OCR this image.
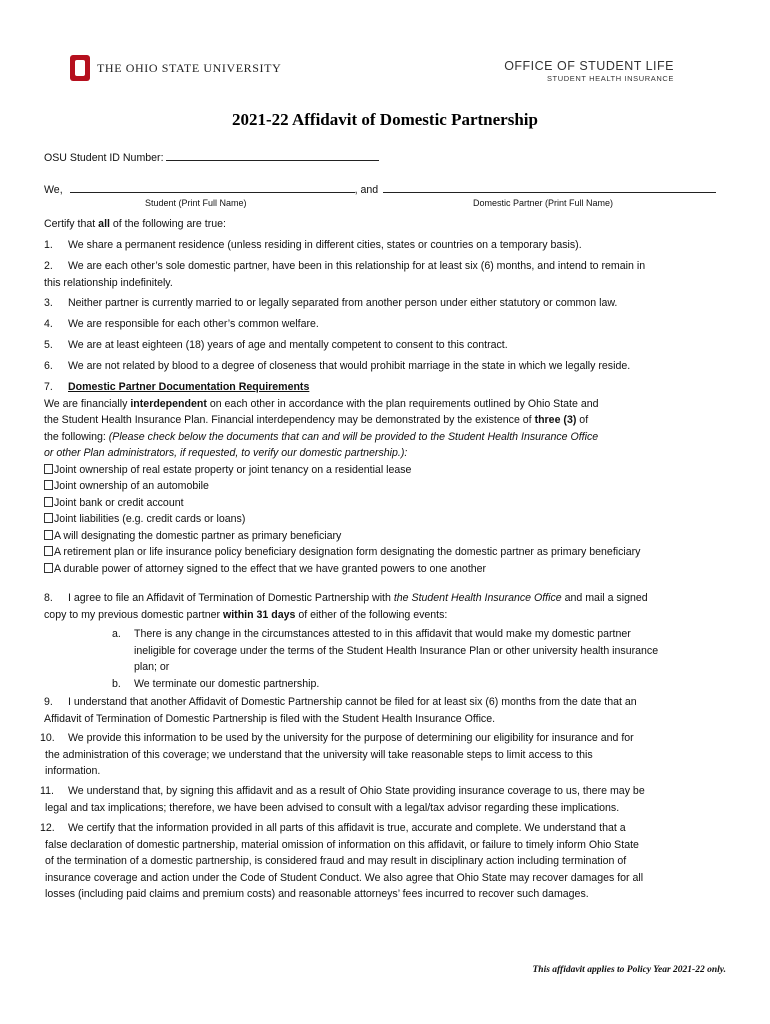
THE OHIO STATE UNIVERSITY	OFFICE OF STUDENT LIFE
STUDENT HEALTH INSURANCE
2021-22 Affidavit of Domestic Partnership
OSU Student ID Number:
We,	, and
Student (Print Full Name)	Domestic Partner (Print Full Name)
Certify that all of the following are true:
1. We share a permanent residence (unless residing in different cities, states or countries on a temporary basis).
2. We are each other’s sole domestic partner, have been in this relationship for at least six (6) months, and intend to remain in
this relationship indefinitely.
3. Neither partner is currently married to or legally separated from another person under either statutory or common law.
4. We are responsible for each other’s common welfare.
5. We are at least eighteen (18) years of age and mentally competent to consent to this contract.
6. We are not related by blood to a degree of closeness that would prohibit marriage in the state in which we legally reside.
7. Domestic Partner Documentation Requirements
We are financially interdependent on each other in accordance with the plan requirements outlined by Ohio State and
the Student Health Insurance Plan. Financial interdependency may be demonstrated by the existence of three (3) of
the following: (Please check below the documents that can and will be provided to the Student Health Insurance Office
or other Plan administrators, if requested, to verify our domestic partnership.):
Joint ownership of real estate property or joint tenancy on a residential lease
Joint ownership of an automobile
Joint bank or credit account
Joint liabilities (e.g. credit cards or loans)
A will designating the domestic partner as primary beneficiary
A retirement plan or life insurance policy beneficiary designation form designating the domestic partner as primary beneficiary
A durable power of attorney signed to the effect that we have granted powers to one another
8. I agree to file an Affidavit of Termination of Domestic Partnership with the Student Health Insurance Office and mail a signed
copy to my previous domestic partner within 31 days of either of the following events:
a. There is any change in the circumstances attested to in this affidavit that would make my domestic partner
ineligible for coverage under the terms of the Student Health Insurance Plan or other university health insurance
plan; or
b. We terminate our domestic partnership.
9. I understand that another Affidavit of Domestic Partnership cannot be filed for at least six (6) months from the date that an
Affidavit of Termination of Domestic Partnership is filed with the Student Health Insurance Office.
10. We provide this information to be used by the university for the purpose of determining our eligibility for insurance and for
the administration of this coverage; we understand that the university will take reasonable steps to limit access to this
information.
11. We understand that, by signing this affidavit and as a result of Ohio State providing insurance coverage to us, there may be
legal and tax implications; therefore, we have been advised to consult with a legal/tax advisor regarding these implications.
12. We certify that the information provided in all parts of this affidavit is true, accurate and complete. We understand that a
false declaration of domestic partnership, material omission of information on this affidavit, or failure to timely inform Ohio State
of the termination of a domestic partnership, is considered fraud and may result in disciplinary action including termination of
insurance coverage and action under the Code of Student Conduct. We also agree that Ohio State may recover damages for all
losses (including paid claims and premium costs) and reasonable attorneys’ fees incurred to recover such damages.
This affidavit applies to Policy Year 2021-22 only.
